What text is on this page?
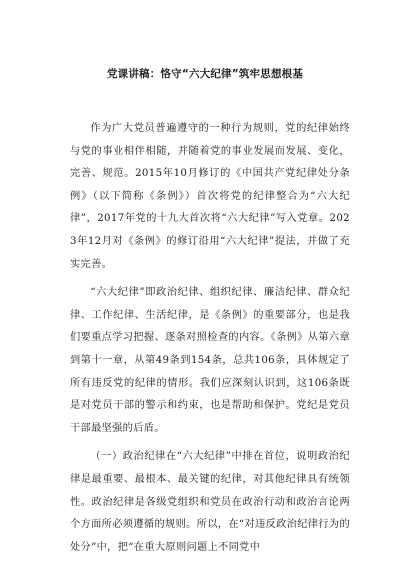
党课讲稿：恪守“六大纪律”筑牢思想根基

作为广大党员普遍遵守的一种行为规则，党的纪律始终与党的事业相伴相随，并随着党的事业发展而发展、变化，完善、规范。2015年10月修订的《中国共产党纪律处分条例》（以下简称《条例》）首次将党的纪律整合为“六大纪律”，2017年党的十九大首次将“六大纪律”写入党章。2023年12月对《条例》的修订沿用“六大纪律”提法，并做了充实完善。

“六大纪律”即政治纪律、组织纪律、廉洁纪律、群众纪律、工作纪律、生活纪律，是《条例》的重要部分，也是我们要重点学习把握、逐条对照检查的内容。《条例》从第六章到第十一章，从第49条到154条，总共106条，具体规定了所有违反党的纪律的情形。我们应深刻认识到，这106条既是对党员干部的警示和约束，也是帮助和保护。党纪是党员干部最坚强的后盾。

（一）政治纪律在“六大纪律”中排在首位，说明政治纪律是最重要、最根本、最关键的纪律，对其他纪律具有统领性。政治纪律是各级党组织和党员在政治行动和政治言论两个方面所必须遵循的规则。所以，在“对违反政治纪律行为的处分”中，把“在重大原则问题上不同党中
